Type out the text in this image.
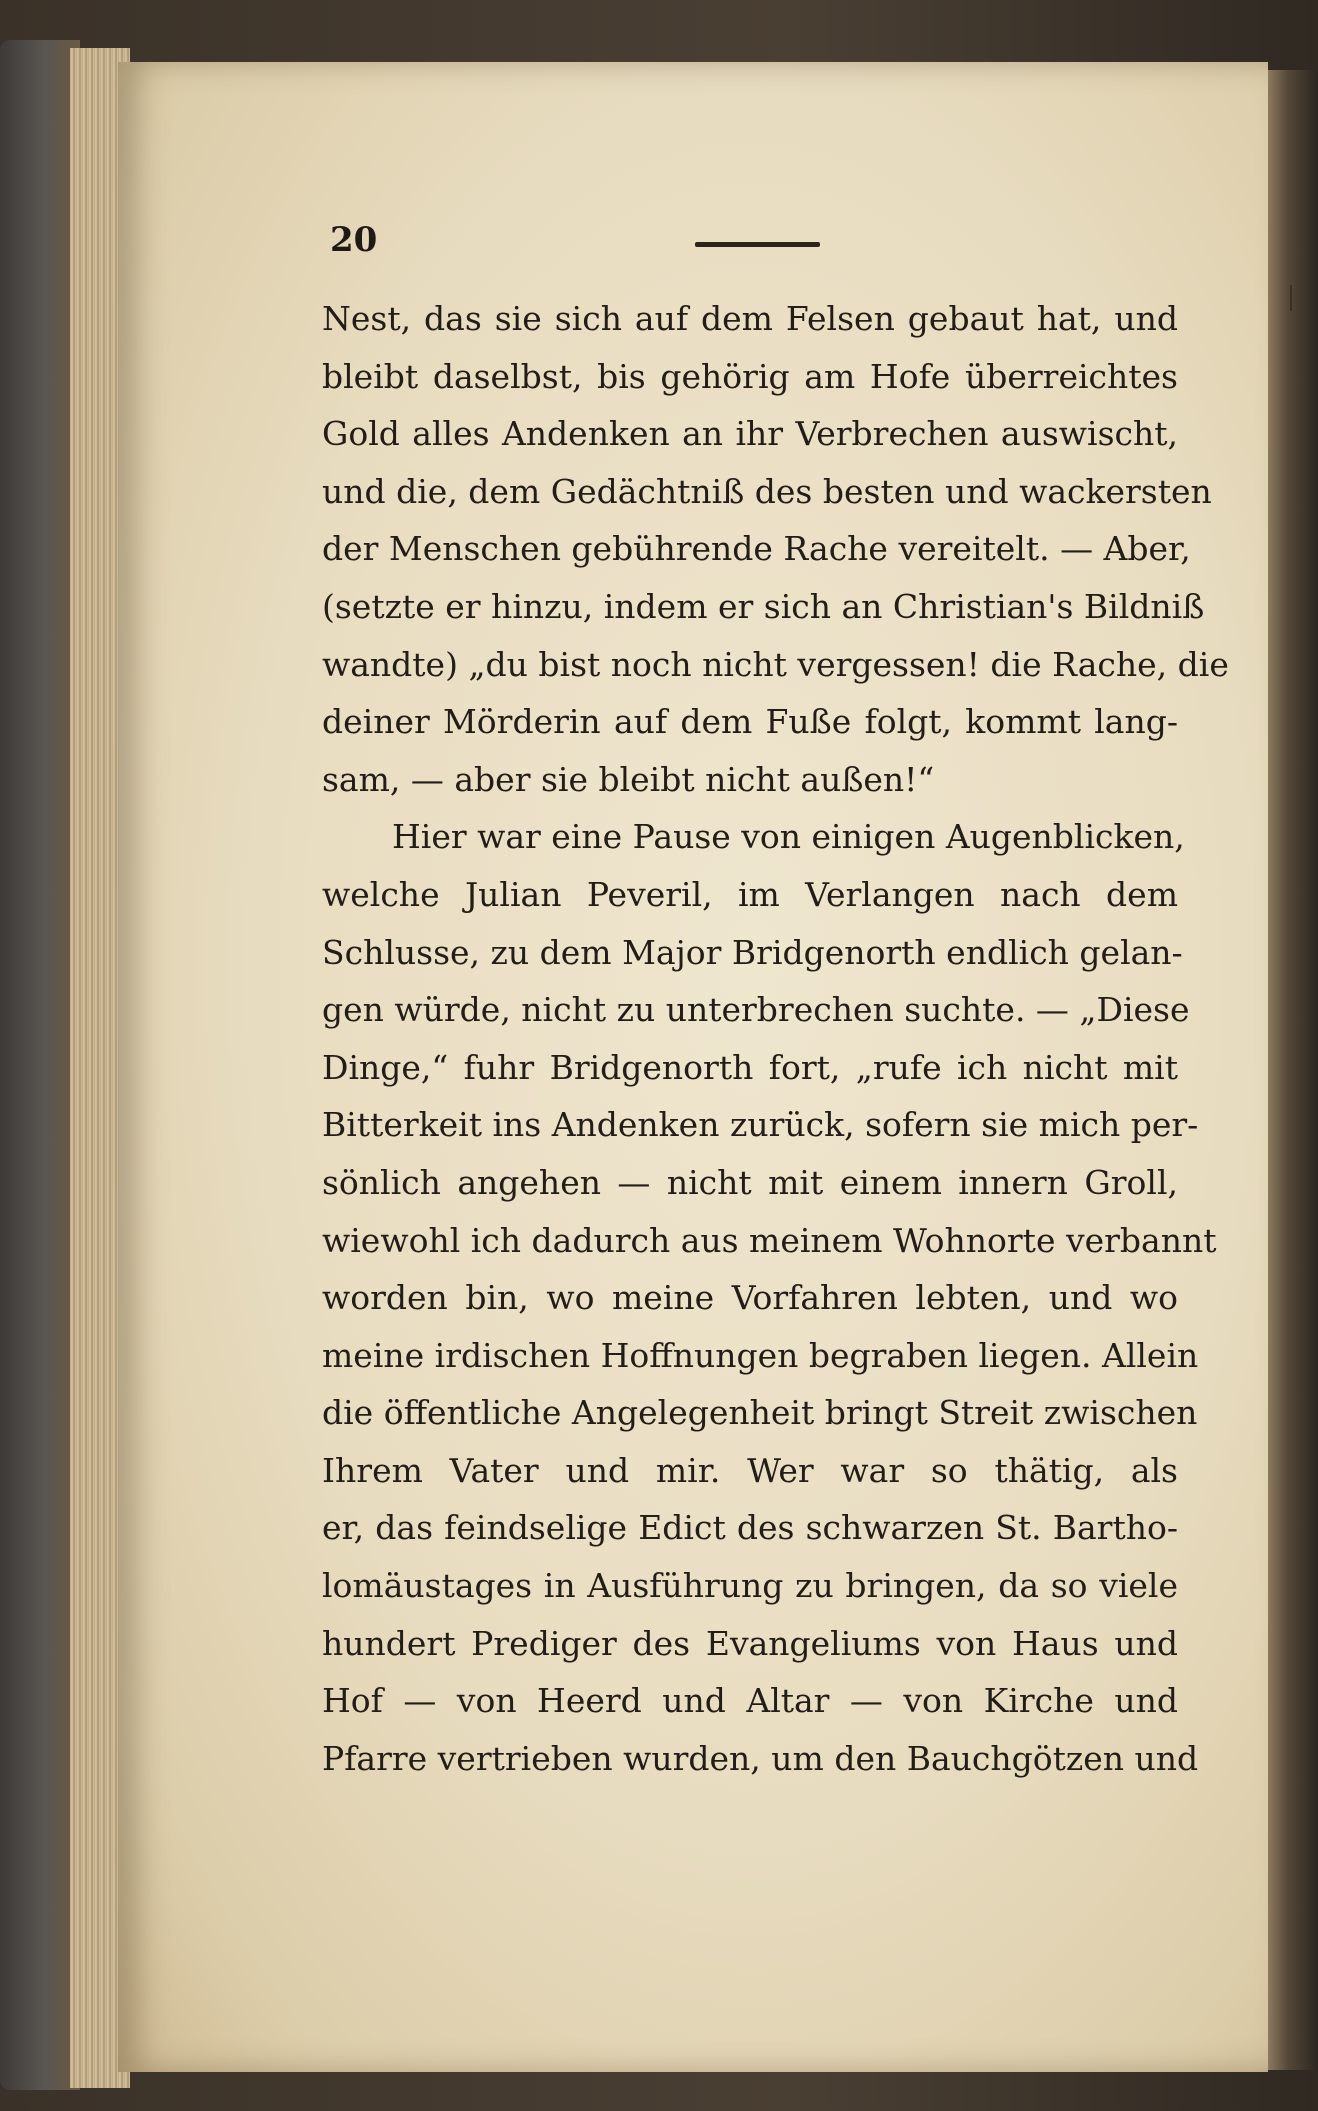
20
Nest, das sie sich auf dem Felsen gebaut hat, und
bleibt daselbst, bis gehörig am Hofe überreichtes
Gold alles Andenken an ihr Verbrechen auswischt,
und die, dem Gedächtniß des besten und wackersten
der Menschen gebührende Rache vereitelt. — Aber,
(setzte er hinzu, indem er sich an Christian's Bildniß
wandte) „du bist noch nicht vergessen! die Rache, die
deiner Mörderin auf dem Fuße folgt, kommt lang-
sam, — aber sie bleibt nicht außen!“
Hier war eine Pause von einigen Augenblicken,
welche Julian Peveril, im Verlangen nach dem
Schlusse, zu dem Major Bridgenorth endlich gelan-
gen würde, nicht zu unterbrechen suchte. — „Diese
Dinge,“ fuhr Bridgenorth fort, „rufe ich nicht mit
Bitterkeit ins Andenken zurück, sofern sie mich per-
sönlich angehen — nicht mit einem innern Groll,
wiewohl ich dadurch aus meinem Wohnorte verbannt
worden bin, wo meine Vorfahren lebten, und wo
meine irdischen Hoffnungen begraben liegen. Allein
die öffentliche Angelegenheit bringt Streit zwischen
Ihrem Vater und mir. Wer war so thätig, als
er, das feindselige Edict des schwarzen St. Bartho-
lomäustages in Ausführung zu bringen, da so viele
hundert Prediger des Evangeliums von Haus und
Hof — von Heerd und Altar — von Kirche und
Pfarre vertrieben wurden, um den Bauchgötzen und
